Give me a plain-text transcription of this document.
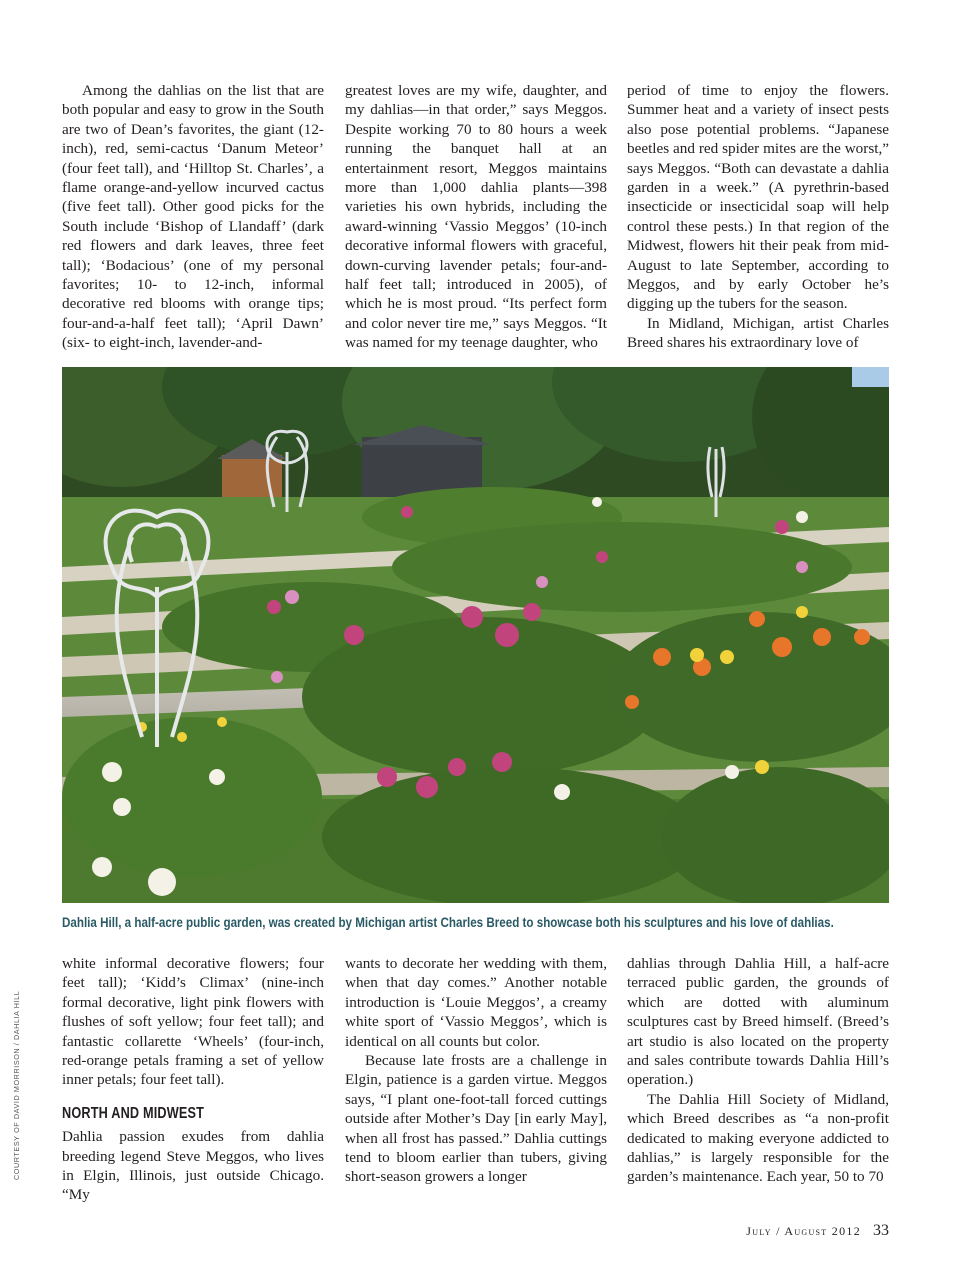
Among the dahlias on the list that are both popular and easy to grow in the South are two of Dean’s favorites, the giant (12-inch), red, semi-cactus ‘Danum Meteor’ (four feet tall), and ‘Hilltop St. Charles’, a flame orange-and-yellow incurved cactus (five feet tall). Other good picks for the South include ‘Bishop of Llandaff’ (dark red flowers and dark leaves, three feet tall); ‘Bodacious’ (one of my personal favorites; 10- to 12-inch, informal decorative red blooms with orange tips; four-and-a-half feet tall); ‘April Dawn’ (six- to eight-inch, lavender-and-

greatest loves are my wife, daughter, and my dahlias—in that order,” says Meggos. Despite working 70 to 80 hours a week running the banquet hall at an entertainment resort, Meggos maintains more than 1,000 dahlia plants—398 varieties his own hybrids, including the award-winning ‘Vassio Meggos’ (10-inch decorative informal flowers with graceful, down-curving lavender petals; four-and-half feet tall; introduced in 2005), of which he is most proud. “Its perfect form and color never tire me,” says Meggos. “It was named for my teenage daughter, who

period of time to enjoy the flowers. Summer heat and a variety of insect pests also pose potential problems. “Japanese beetles and red spider mites are the worst,” says Meggos. “Both can devastate a dahlia garden in a week.” (A pyrethrin-based insecticide or insecticidal soap will help control these pests.) In that region of the Midwest, flowers hit their peak from mid-August to late September, according to Meggos, and by early October he’s digging up the tubers for the season.

In Midland, Michigan, artist Charles Breed shares his extraordinary love of

Dahlia Hill, a half-acre public garden, was created by Michigan artist Charles Breed to showcase both his sculptures and his love of dahlias.
COURTESY OF DAVID MORRISON / DAHLIA HILL

white informal decorative flowers; four feet tall); ‘Kidd’s Climax’ (nine-inch formal decorative, light pink flowers with flushes of soft yellow; four feet tall); and fantastic collarette ‘Wheels’ (four-inch, red-orange petals framing a set of yellow inner petals; four feet tall).

NORTH AND MIDWEST

Dahlia passion exudes from dahlia breeding legend Steve Meggos, who lives in Elgin, Illinois, just outside Chicago. “My

wants to decorate her wedding with them, when that day comes.” Another notable introduction is ‘Louie Meggos’, a creamy white sport of ‘Vassio Meggos’, which is identical on all counts but color.

Because late frosts are a challenge in Elgin, patience is a garden virtue. Meggos says, “I plant one-foot-tall forced cuttings outside after Mother’s Day [in early May], when all frost has passed.” Dahlia cuttings tend to bloom earlier than tubers, giving short-season growers a longer

dahlias through Dahlia Hill, a half-acre terraced public garden, the grounds of which are dotted with aluminum sculptures cast by Breed himself. (Breed’s art studio is also located on the property and sales contribute towards Dahlia Hill’s operation.)

The Dahlia Hill Society of Midland, which Breed describes as “a non-profit dedicated to making everyone addicted to dahlias,” is largely responsible for the garden’s maintenance. Each year, 50 to 70

July / August 2012 33
